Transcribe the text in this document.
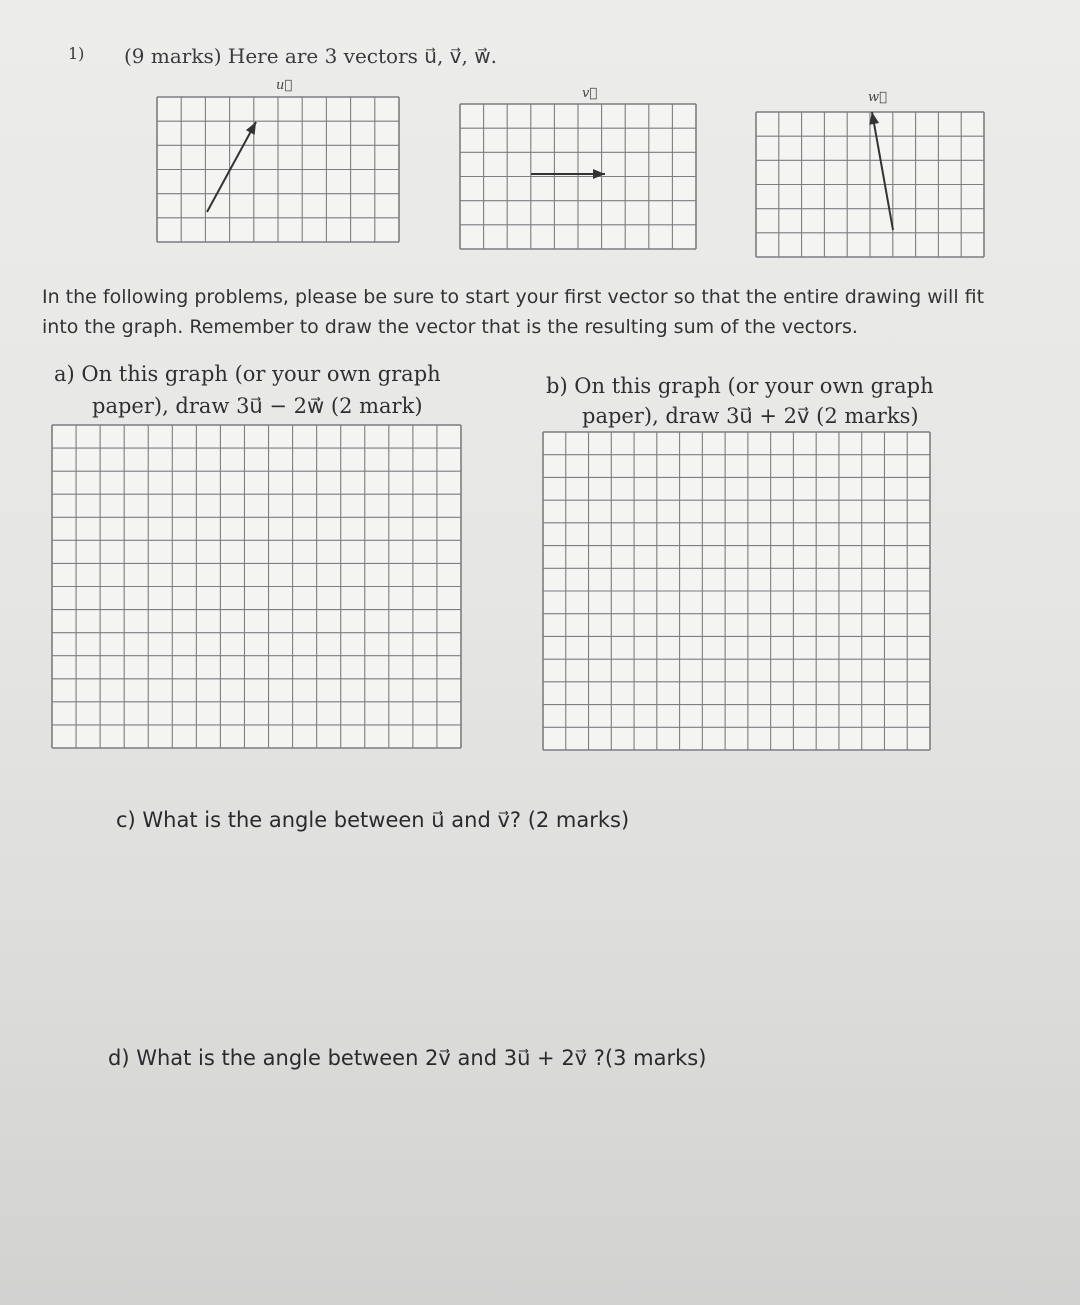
1) (9 marks) Here are 3 vectors u⃗, v⃗, w⃗.
u⃗
v⃗	w⃗
In the following problems, please be sure to start your first vector so that the entire drawing will fit
into the graph. Remember to draw the vector that is the resulting sum of the vectors.
a) On this graph (or your own graph
paper), draw 3u⃗ − 2w⃗ (2 mark)
b) On this graph (or your own graph
paper), draw 3u⃗ + 2v⃗ (2 marks)
c) What is the angle between u⃗ and v⃗? (2 marks)
d) What is the angle between 2v⃗ and 3u⃗ + 2v⃗ ?(3 marks)
